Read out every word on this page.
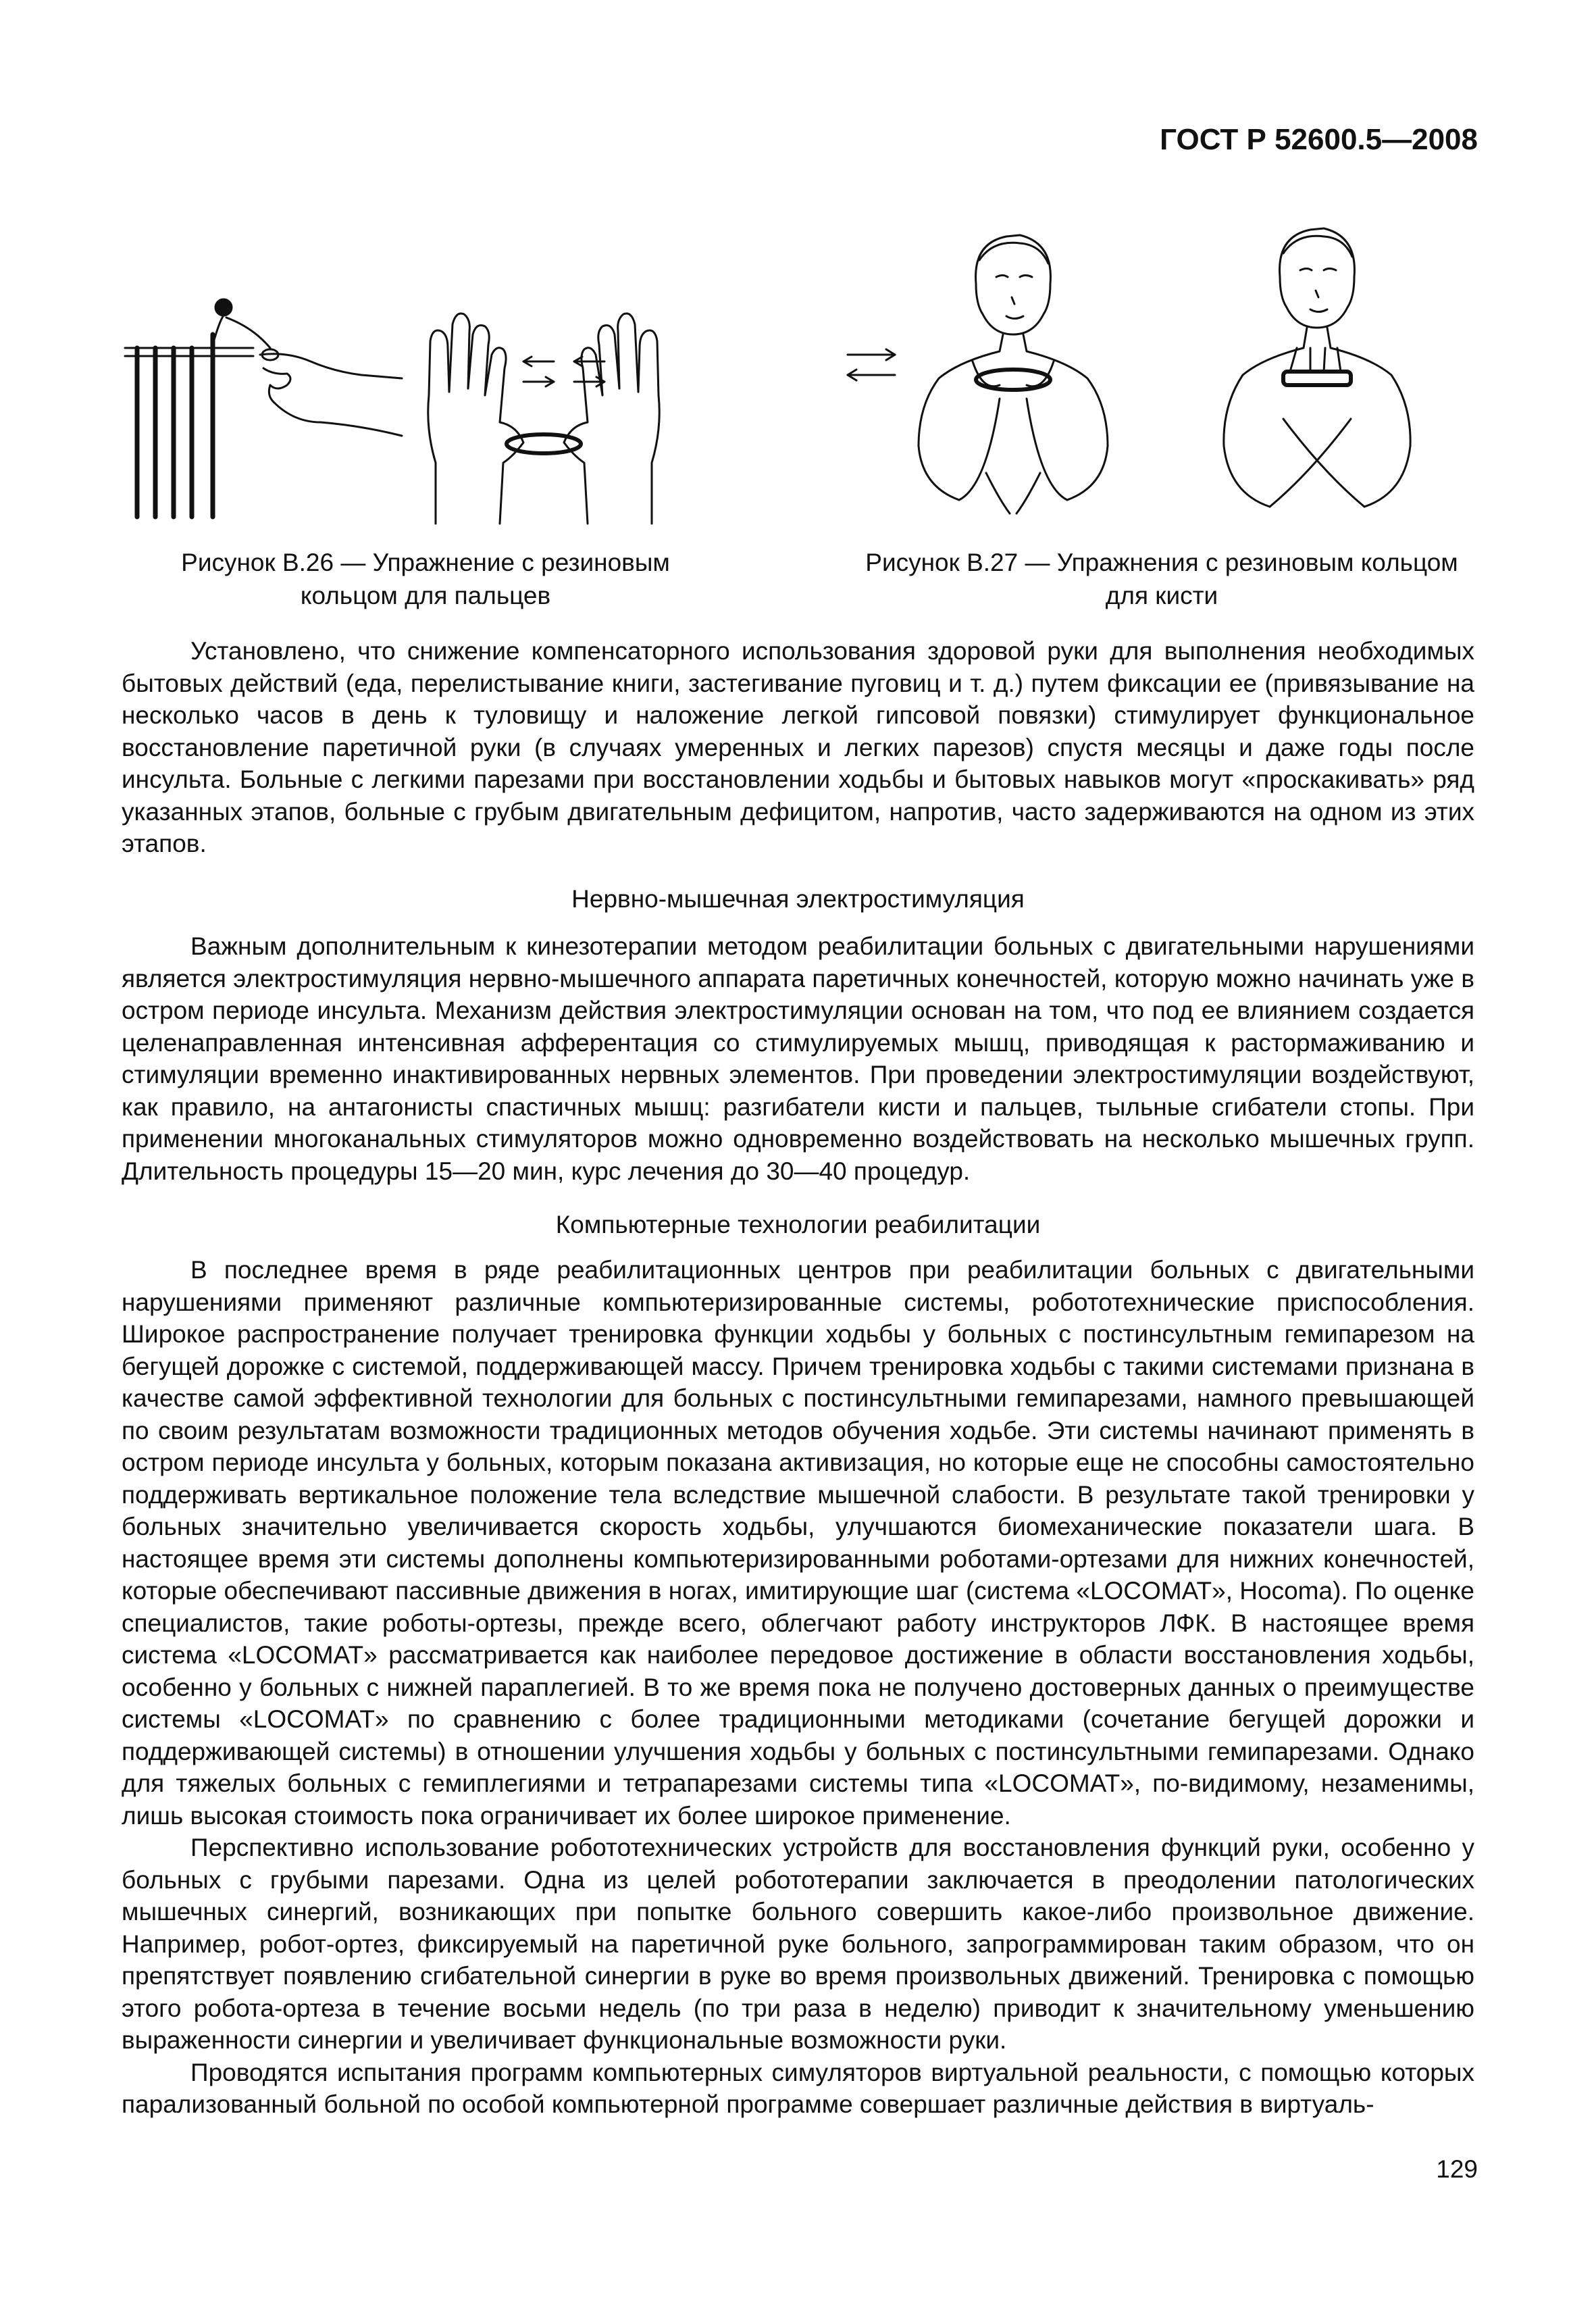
ГОСТ Р 52600.5—2008
Рисунок В.26 — Упражнение с резиновым
кольцом для пальцев
Рисунок В.27 — Упражнения с резиновым кольцом
для кисти

Установлено, что снижение компенсаторного использования здоровой руки для выполнения необходимых бытовых действий (еда, перелистывание книги, застегивание пуговиц и т. д.) путем фиксации ее (привязывание на несколько часов в день к туловищу и наложение легкой гипсовой повязки) стимулирует функциональное восстановление паретичной руки (в случаях умеренных и легких парезов) спустя месяцы и даже годы после инсульта. Больные с легкими парезами при восстановлении ходьбы и бытовых навыков могут «проскакивать» ряд указанных этапов, больные с грубым двигательным дефицитом, напротив, часто задерживаются на одном из этих этапов.

Нервно-мышечная электростимуляция

Важным дополнительным к кинезотерапии методом реабилитации больных с двигательными нарушениями является электростимуляция нервно-мышечного аппарата паретичных конечностей, которую можно начинать уже в остром периоде инсульта. Механизм действия электростимуляции основан на том, что под ее влиянием создается целенаправленная интенсивная афферентация со стимулируемых мышц, приводящая к растормаживанию и стимуляции временно инактивированных нервных элементов. При проведении электростимуляции воздействуют, как правило, на антагонисты спастичных мышц: разгибатели кисти и пальцев, тыльные сгибатели стопы. При применении многоканальных стимуляторов можно одновременно воздействовать на несколько мышечных групп. Длительность процедуры 15—20 мин, курс лечения до 30—40 процедур.

Компьютерные технологии реабилитации

В последнее время в ряде реабилитационных центров при реабилитации больных с двигательными нарушениями применяют различные компьютеризированные системы, робототехнические приспособления. Широкое распространение получает тренировка функции ходьбы у больных с постинсультным гемипарезом на бегущей дорожке с системой, поддерживающей массу. Причем тренировка ходьбы с такими системами признана в качестве самой эффективной технологии для больных с постинсультными гемипарезами, намного превышающей по своим результатам возможности традиционных методов обучения ходьбе. Эти системы начинают применять в остром периоде инсульта у больных, которым показана активизация, но которые еще не способны самостоятельно поддерживать вертикальное положение тела вследствие мышечной слабости. В результате такой тренировки у больных значительно увеличивается скорость ходьбы, улучшаются биомеханические показатели шага. В настоящее время эти системы дополнены компьютеризированными роботами-ортезами для нижних конечностей, которые обеспечивают пассивные движения в ногах, имитирующие шаг (система «LOCOMAT», Hocoma). По оценке специалистов, такие роботы-ортезы, прежде всего, облегчают работу инструкторов ЛФК. В настоящее время система «LOCOMAT» рассматривается как наиболее передовое достижение в области восстановления ходьбы, особенно у больных с нижней параплегией. В то же время пока не получено достоверных данных о преимуществе системы «LOCOMAT» по сравнению с более традиционными методиками (сочетание бегущей дорожки и поддерживающей системы) в отношении улучшения ходьбы у больных с постинсультными гемипарезами. Однако для тяжелых больных с гемиплегиями и тетрапарезами системы типа «LOCOMAT», по-видимому, незаменимы, лишь высокая стоимость пока ограничивает их более широкое применение.

Перспективно использование робототехнических устройств для восстановления функций руки, особенно у больных с грубыми парезами. Одна из целей робототерапии заключается в преодолении патологических мышечных синергий, возникающих при попытке больного совершить какое-либо произвольное движение. Например, робот-ортез, фиксируемый на паретичной руке больного, запрограммирован таким образом, что он препятствует появлению сгибательной синергии в руке во время произвольных движений. Тренировка с помощью этого робота-ортеза в течение восьми недель (по три раза в неделю) приводит к значительному уменьшению выраженности синергии и увеличивает функциональные возможности руки.

Проводятся испытания программ компьютерных симуляторов виртуальной реальности, с помощью которых парализованный больной по особой компьютерной программе совершает различные действия в виртуаль-

129
